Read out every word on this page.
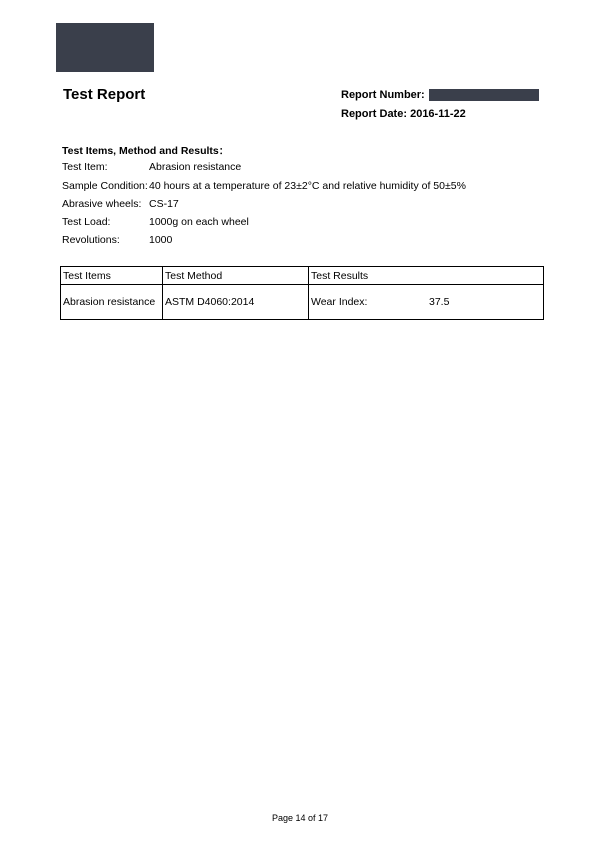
Test Report	Report Number:
Report Date: 2016-11-22
Test Items, Method and Results：
Test Item:	Abrasion resistance
Sample Condition:40 hours at a temperature of 23±2°C and relative humidity of 50±5%
Abrasive wheels: CS-17
Test Load:	1000g on each wheel
Revolutions:	1000
Test Items	Test Method	Test Results
Abrasion resistance	ASTM D4060:2014	Wear Index: 37.5
Page 14 of 17
